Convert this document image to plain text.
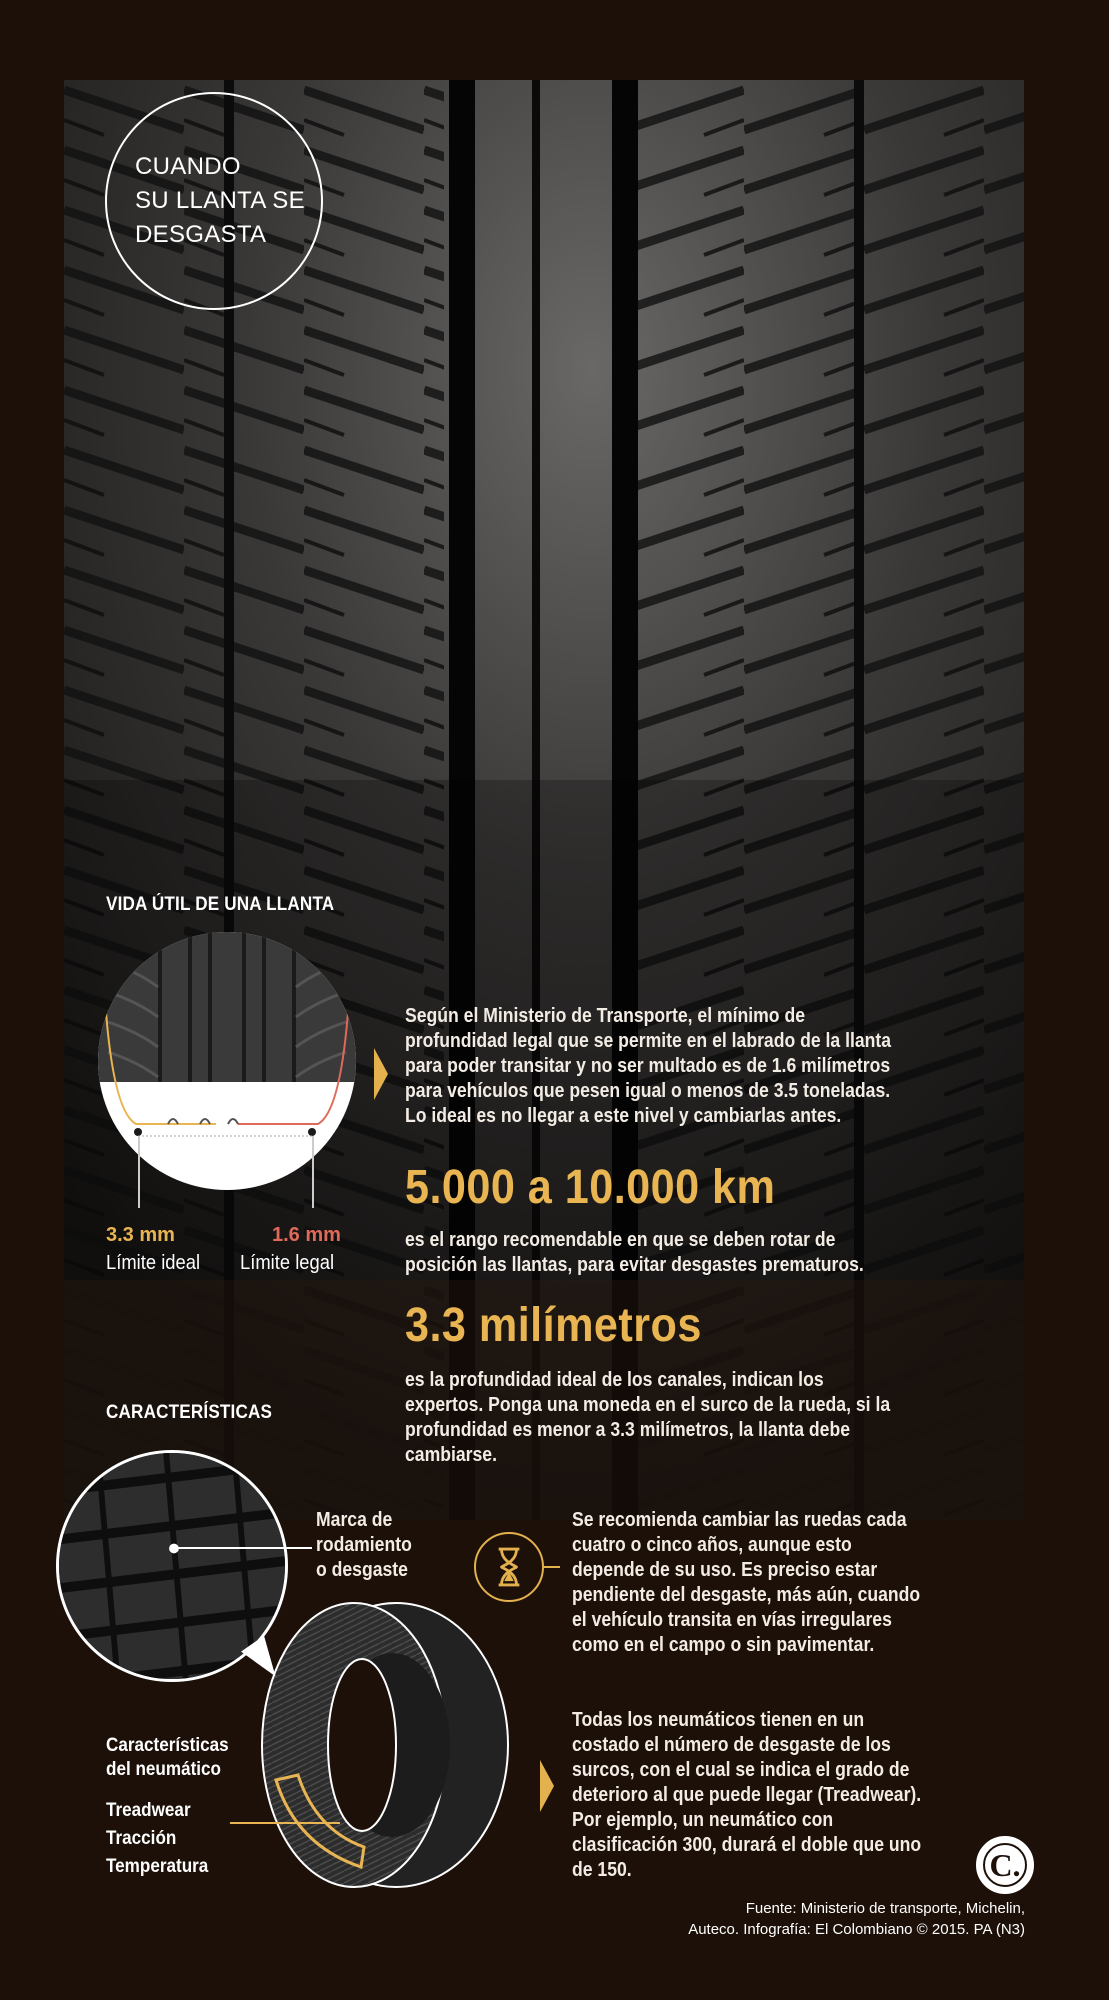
CUANDO
SU LLANTA SE
DESGASTA
VIDA ÚTIL DE UNA LLANTA
3.3 mm
Límite ideal
1.6 mm
Límite legal
Según el Ministerio de Transporte, el mínimo de profundidad legal que se permite en el labrado de la llanta para poder transitar y no ser multado es de 1.6 milímetros para vehículos que pesen igual o menos de 3.5 toneladas. Lo ideal es no llegar a este nivel y cambiarlas antes.
5.000 a 10.000 km
es el rango recomendable en que se deben rotar de posición las llantas, para evitar desgastes prematuros.
3.3 milímetros
es la profundidad ideal de los canales, indican los expertos. Ponga una moneda en el surco de la rueda, si la profundidad es menor a 3.3 milímetros, la llanta debe cambiarse.
CARACTERÍSTICAS
Marca de
rodamiento
o desgaste
Se recomienda cambiar las ruedas cada cuatro o cinco años, aunque esto depende de su uso. Es preciso estar pendiente del desgaste, más aún, cuando el vehículo transita en vías irregulares como en el campo o sin pavimentar.
Todas los neumáticos tienen en un costado el número de desgaste de los surcos, con el cual se indica el grado de deterioro al que puede llegar (Treadwear). Por ejemplo, un neumático con clasificación 300, durará el doble que uno de 150.
Características
del neumático
Treadwear
Tracción
Temperatura	C.
Fuente: Ministerio de transporte, Michelin,
Auteco. Infografía: El Colombiano © 2015. PA (N3)
